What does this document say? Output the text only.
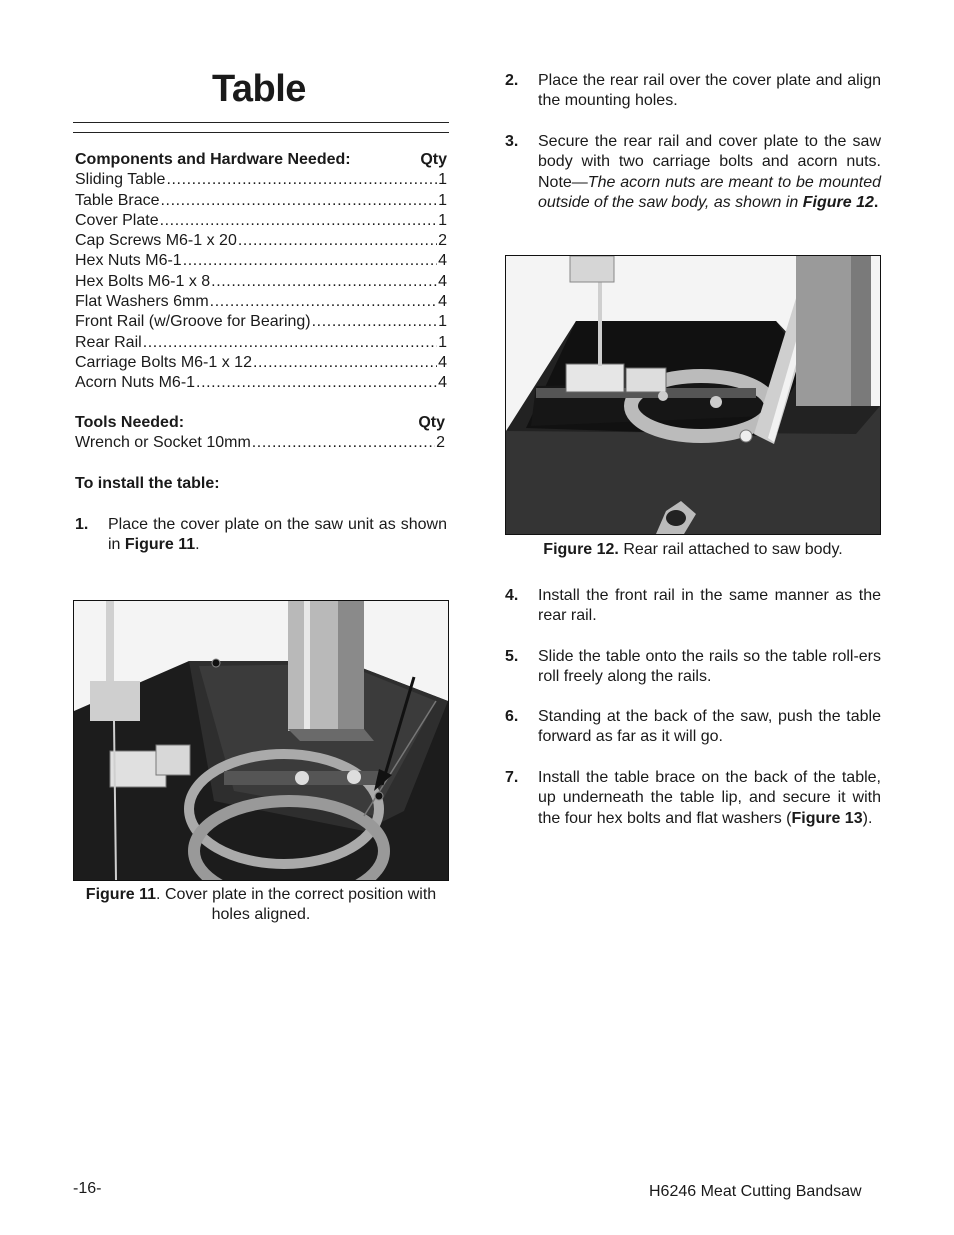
Table
Components and Hardware Needed:	Qty
Sliding Table .....	1
Table Brace .....	1
Cover Plate .....	1
Cap Screws M6-1 x 20 .....	2
Hex Nuts M6-1 .....	4
Hex Bolts M6-1 x 8 .....	4
Flat Washers 6mm .....	4
Front Rail (w/Groove for Bearing) .....	1
Rear Rail .....	1
Carriage Bolts M6-1 x 12 .....	4
Acorn Nuts M6-1 .....	4
Tools Needed:	Qty
Wrench or Socket 10mm .....	2
To install the table:
1.	Place the cover plate on the saw unit as shown in Figure 11.
Figure 11. Cover plate in the correct position with holes aligned.
2.	Place the rear rail over the cover plate and align the mounting holes.
3.	Secure the rear rail and cover plate to the saw body with two carriage bolts and acorn nuts. Note—The acorn nuts are meant to be mounted outside of the saw body, as shown in Figure 12.
Figure 12. Rear rail attached to saw body.
4.	Install the front rail in the same manner as the rear rail.
5.	Slide the table onto the rails so the table roll-ers roll freely along the rails.
6.	Standing at the back of the saw, push the table forward as far as it will go.
7.	Install the table brace on the back of the table, up underneath the table lip, and secure it with the four hex bolts and flat washers (Figure 13).
-16-	H6246 Meat Cutting Bandsaw
